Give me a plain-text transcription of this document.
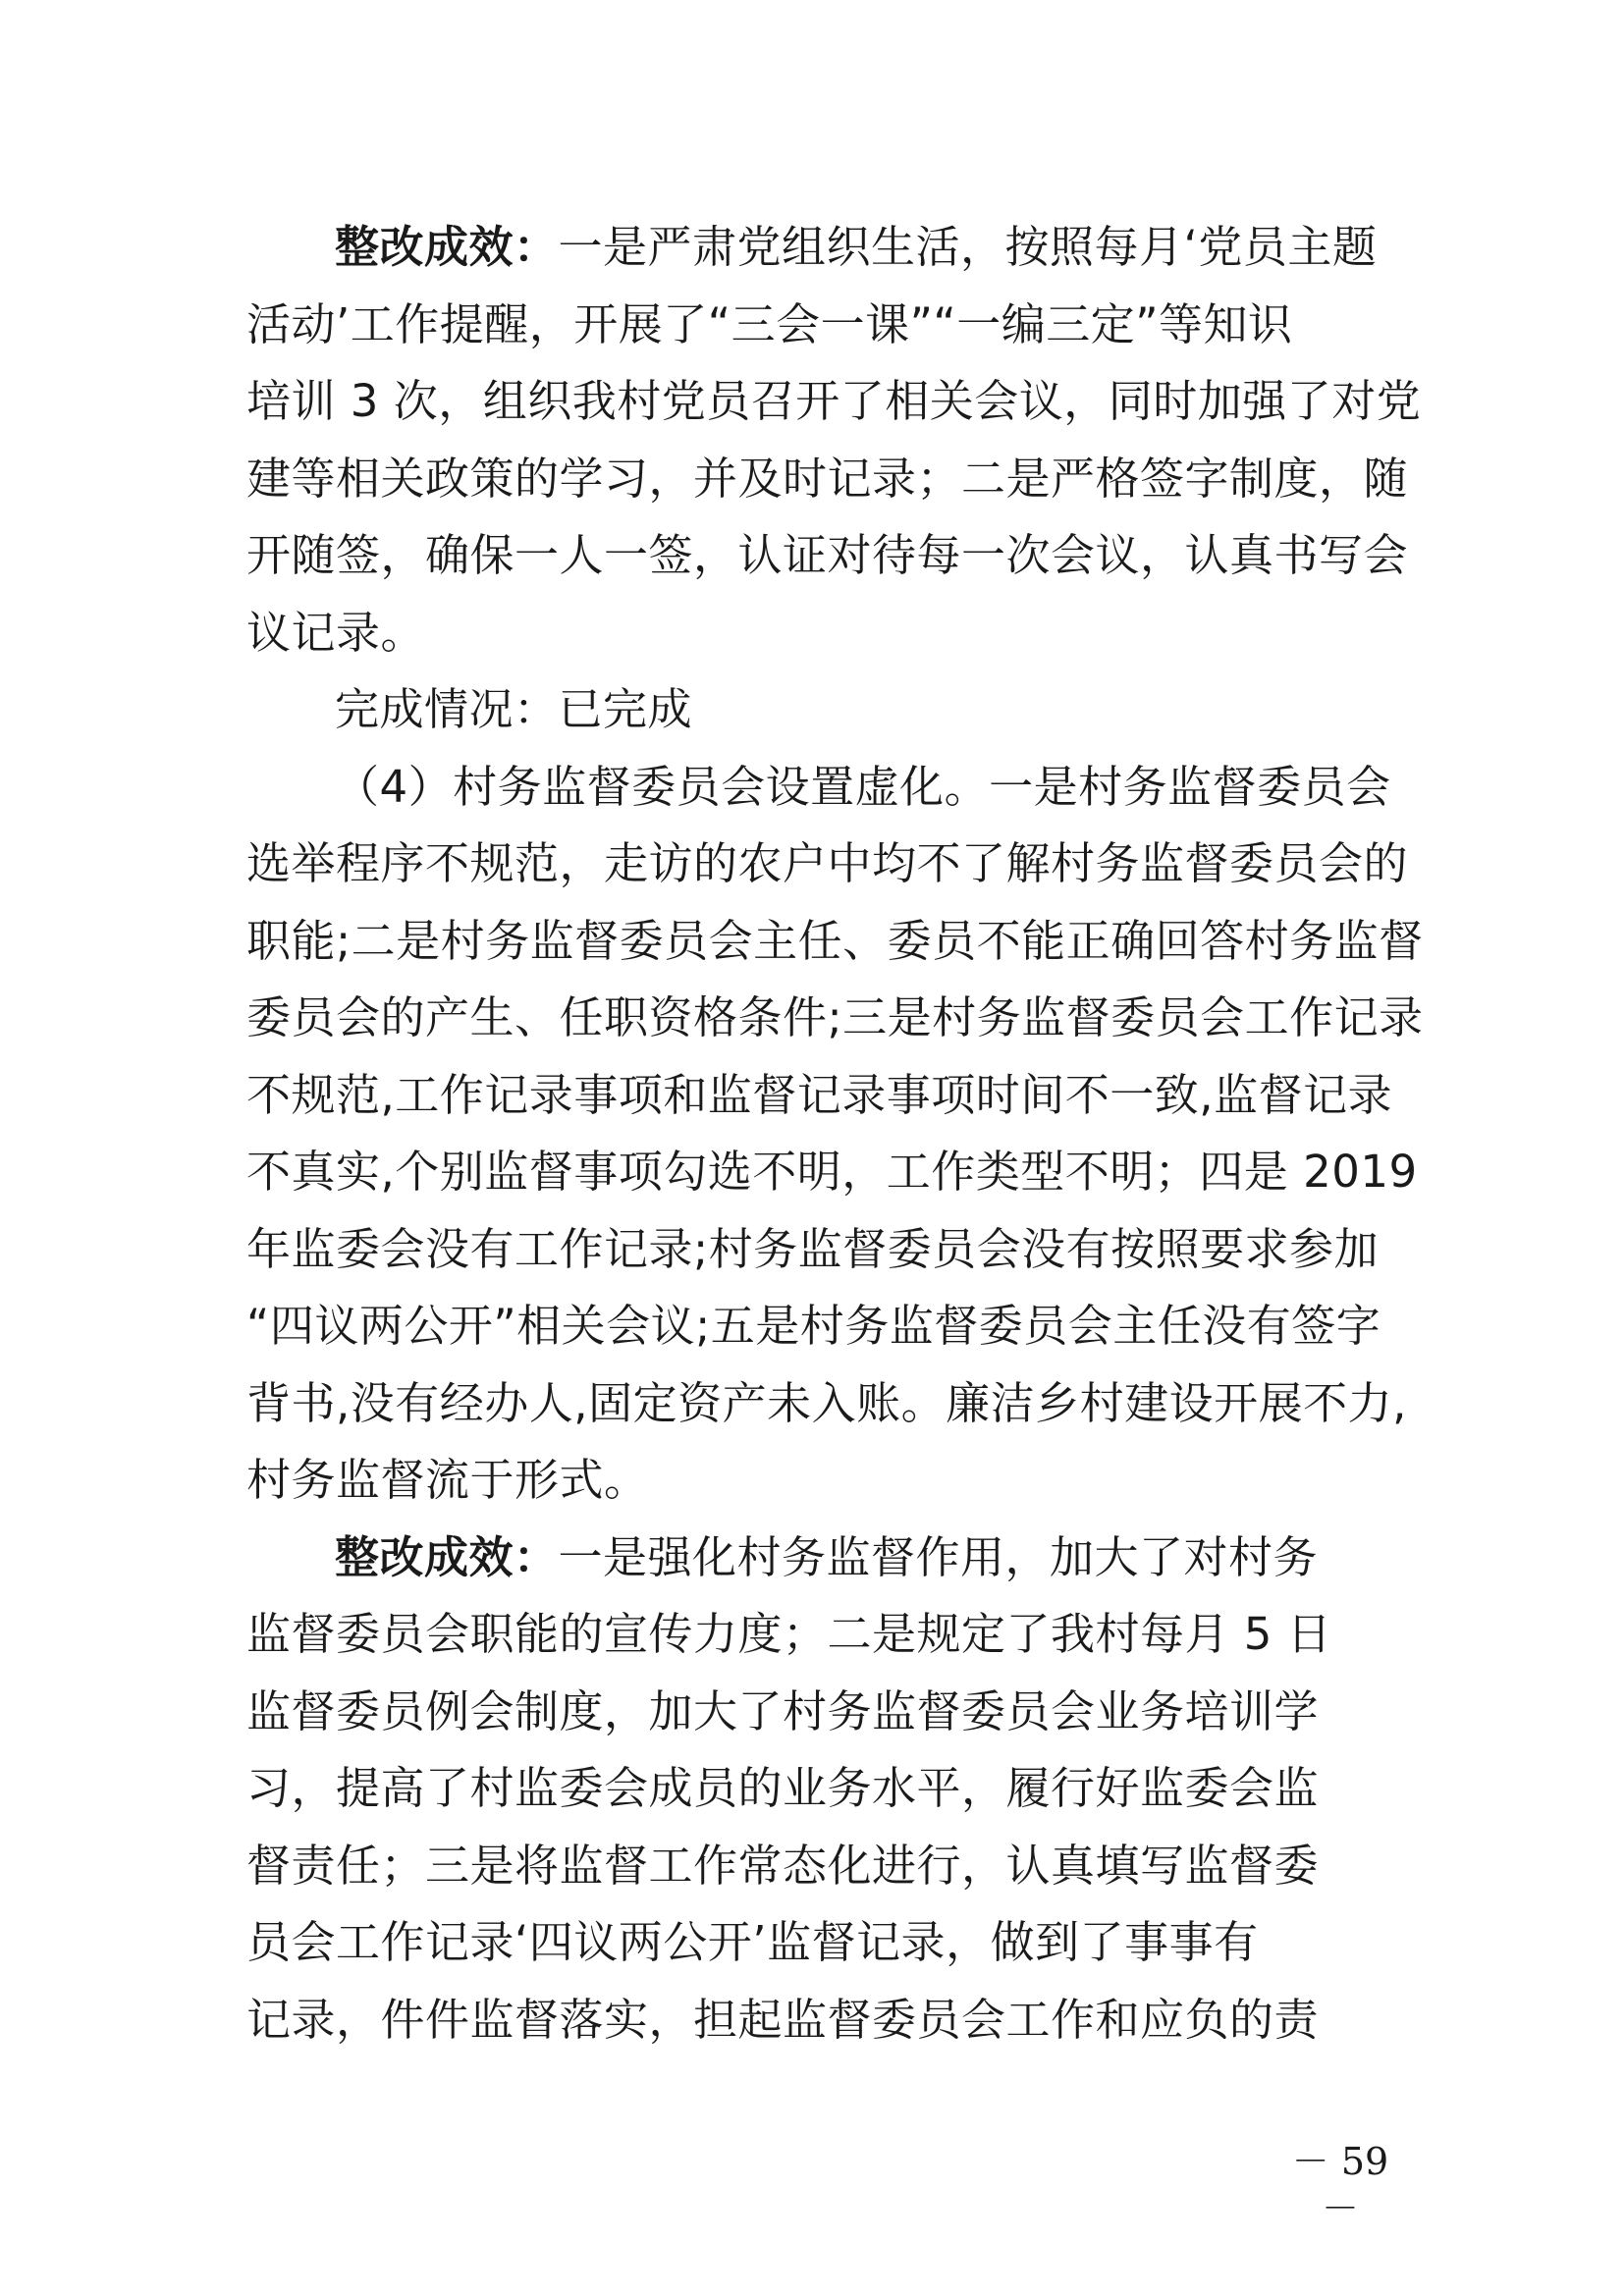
整改成效：一是严肃党组织生活，按照每月‘党员主题
活动’工作提醒，开展了“三会一课”“一编三定”等知识
培训 3 次，组织我村党员召开了相关会议，同时加强了对党
建等相关政策的学习，并及时记录；二是严格签字制度，随
开随签，确保一人一签，认证对待每一次会议，认真书写会
议记录。
完成情况：已完成
（4）村务监督委员会设置虚化。一是村务监督委员会
选举程序不规范，走访的农户中均不了解村务监督委员会的
职能;二是村务监督委员会主任、委员不能正确回答村务监督
委员会的产生、任职资格条件;三是村务监督委员会工作记录
不规范,工作记录事项和监督记录事项时间不一致,监督记录
不真实,个别监督事项勾选不明，工作类型不明；四是 2019
年监委会没有工作记录;村务监督委员会没有按照要求参加
“四议两公开”相关会议;五是村务监督委员会主任没有签字
背书,没有经办人,固定资产未入账。廉洁乡村建设开展不力,
村务监督流于形式。
整改成效：一是强化村务监督作用，加大了对村务
监督委员会职能的宣传力度；二是规定了我村每月 5 日
监督委员例会制度，加大了村务监督委员会业务培训学
习，提高了村监委会成员的业务水平，履行好监委会监
督责任；三是将监督工作常态化进行，认真填写监督委
员会工作记录‘四议两公开’监督记录，做到了事事有
记录，件件监督落实，担起监督委员会工作和应负的责
－ 59 －
